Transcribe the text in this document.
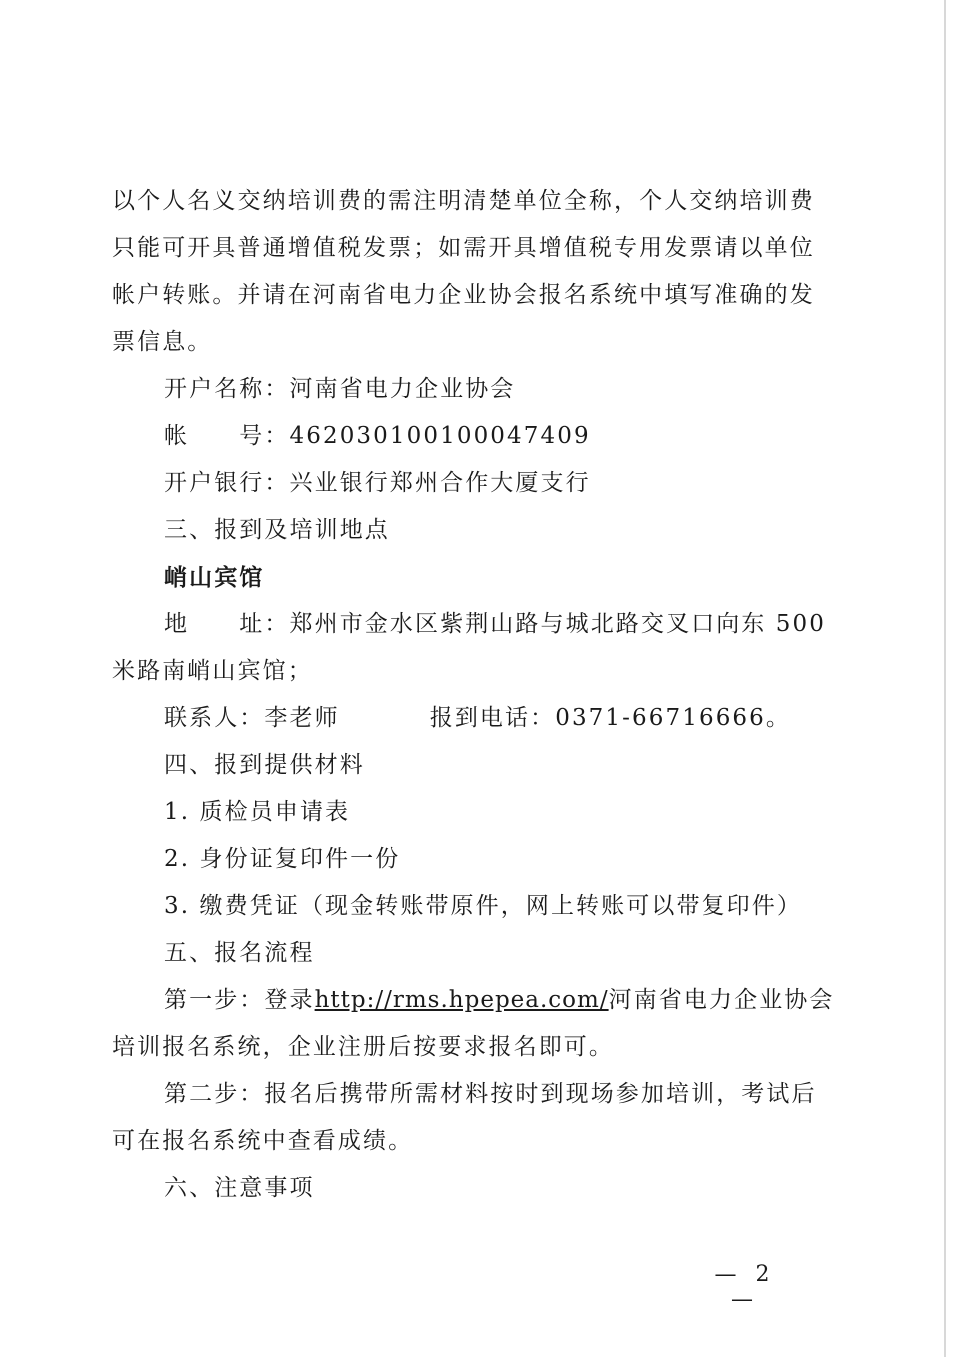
以个人名义交纳培训费的需注明清楚单位全称，个人交纳培训费

只能可开具普通增值税发票；如需开具增值税专用发票请以单位

帐户转账。并请在河南省电力企业协会报名系统中填写准确的发

票信息。

开户名称：河南省电力企业协会

帐　　号：462030100100047409

开户银行：兴业银行郑州合作大厦支行

三、报到及培训地点

峭山宾馆

地　　址：郑州市金水区紫荆山路与城北路交叉口向东 500

米路南峭山宾馆；

联系人：李老师	报到电话：0371-66716666。

四、报到提供材料

1. 质检员申请表

2. 身份证复印件一份

3. 缴费凭证（现金转账带原件，网上转账可以带复印件）

五、报名流程

第一步：登录http://rms.hpepea.com/河南省电力企业协会

培训报名系统，企业注册后按要求报名即可。

第二步：报名后携带所需材料按时到现场参加培训，考试后

可在报名系统中查看成绩。

六、注意事项

— 2 —
